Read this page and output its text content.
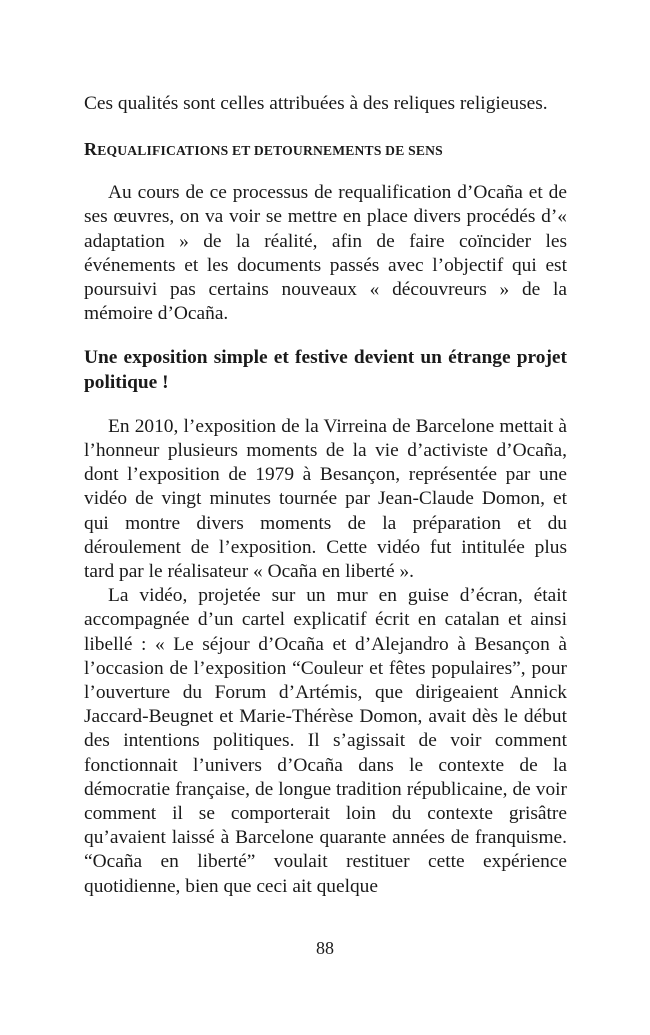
Ces qualités sont celles attribuées à des reliques religieuses.

REQUALIFICATIONS ET DETOURNEMENTS DE SENS

Au cours de ce processus de requalification d’Ocaña et de ses œuvres, on va voir se mettre en place divers procédés d’« adaptation » de la réalité, afin de faire coïncider les événements et les documents passés avec l’objectif qui est poursuivi pas certains nouveaux « découvreurs » de la mémoire d’Ocaña.

Une exposition simple et festive devient un étrange projet politique !

En 2010, l’exposition de la Virreina de Barcelone mettait à l’honneur plusieurs moments de la vie d’activiste d’Ocaña, dont l’exposition de 1979 à Besançon, représentée par une vidéo de vingt minutes tournée par Jean-Claude Domon, et qui montre divers moments de la préparation et du déroulement de l’exposition. Cette vidéo fut intitulée plus tard par le réalisateur « Ocaña en liberté ».

La vidéo, projetée sur un mur en guise d’écran, était accompagnée d’un cartel explicatif écrit en catalan et ainsi libellé : « Le séjour d’Ocaña et d’Alejandro à Besançon à l’occasion de l’exposition “Couleur et fêtes populaires”, pour l’ouverture du Forum d’Artémis, que dirigeaient Annick Jaccard-Beugnet et Marie-Thérèse Domon, avait dès le début des intentions politiques. Il s’agissait de voir comment fonctionnait l’univers d’Ocaña dans le contexte de la démocratie française, de longue tradition républicaine, de voir comment il se comporterait loin du contexte grisâtre qu’avaient laissé à Barcelone quarante années de franquisme. “Ocaña en liberté” voulait restituer cette expérience quotidienne, bien que ceci ait quelque

88
